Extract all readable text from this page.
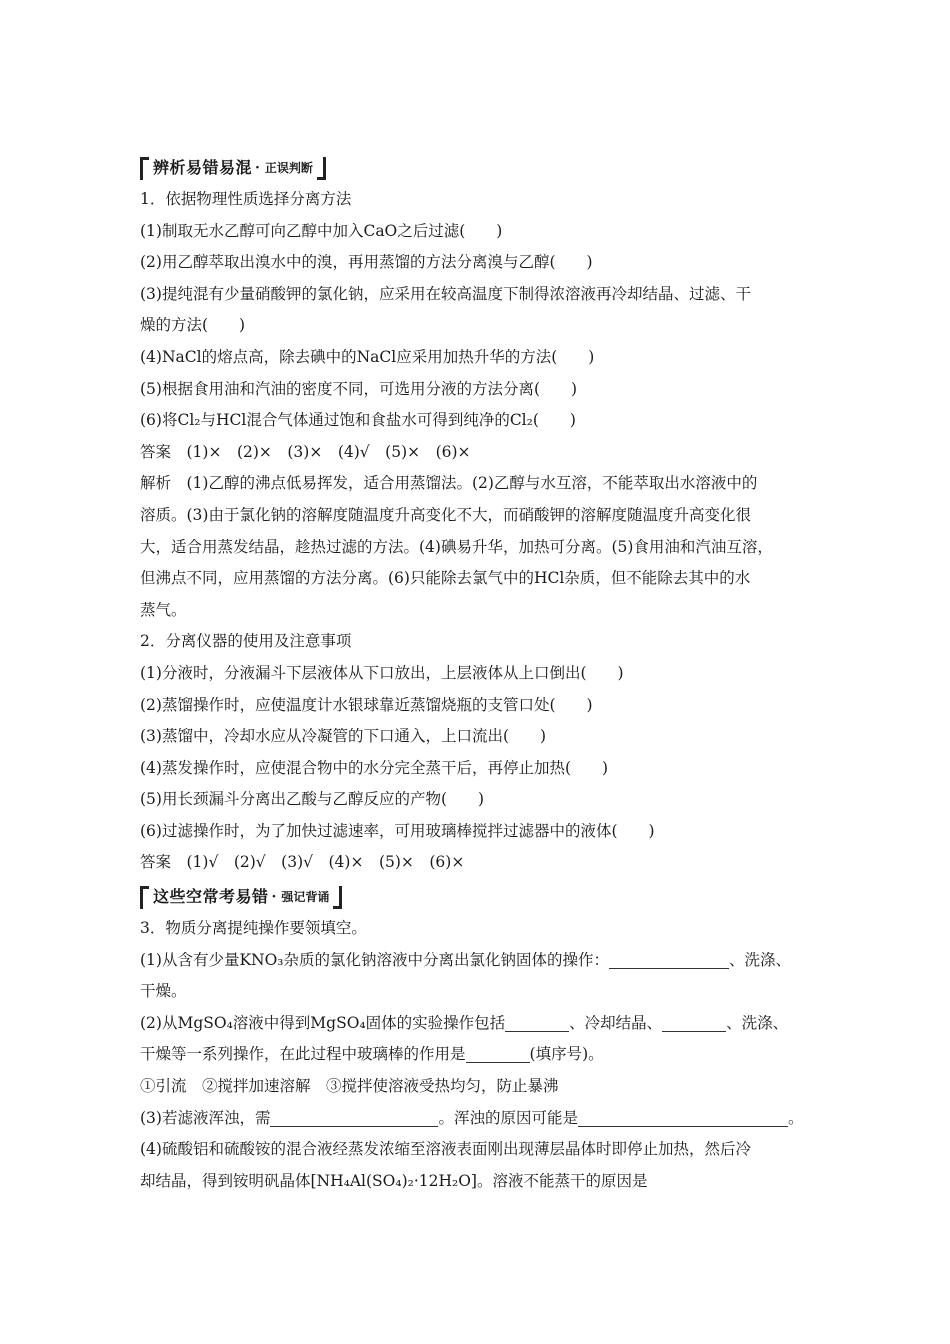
辨析易错易混 · 正误判断
1．依据物理性质选择分离方法
(1)制取无水乙醇可向乙醇中加入CaO之后过滤(　　)
(2)用乙醇萃取出溴水中的溴，再用蒸馏的方法分离溴与乙醇(　　)
(3)提纯混有少量硝酸钾的氯化钠，应采用在较高温度下制得浓溶液再冷却结晶、过滤、干
燥的方法(　　)
(4)NaCl的熔点高，除去碘中的NaCl应采用加热升华的方法(　　)
(5)根据食用油和汽油的密度不同，可选用分液的方法分离(　　)
(6)将Cl₂与HCl混合气体通过饱和食盐水可得到纯净的Cl₂(　　)
答案　(1)×　(2)×　(3)×　(4)√　(5)×　(6)×
解析　(1)乙醇的沸点低易挥发，适合用蒸馏法。(2)乙醇与水互溶，不能萃取出水溶液中的
溶质。(3)由于氯化钠的溶解度随温度升高变化不大，而硝酸钾的溶解度随温度升高变化很
大，适合用蒸发结晶，趁热过滤的方法。(4)碘易升华，加热可分离。(5)食用油和汽油互溶，
但沸点不同，应用蒸馏的方法分离。(6)只能除去氯气中的HCl杂质，但不能除去其中的水
蒸气。
2．分离仪器的使用及注意事项
(1)分液时，分液漏斗下层液体从下口放出，上层液体从上口倒出(　　)
(2)蒸馏操作时，应使温度计水银球靠近蒸馏烧瓶的支管口处(　　)
(3)蒸馏中，冷却水应从冷凝管的下口通入，上口流出(　　)
(4)蒸发操作时，应使混合物中的水分完全蒸干后，再停止加热(　　)
(5)用长颈漏斗分离出乙酸与乙醇反应的产物(　　)
(6)过滤操作时，为了加快过滤速率，可用玻璃棒搅拌过滤器中的液体(　　)
答案　(1)√　(2)√　(3)√　(4)×　(5)×　(6)×
这些空常考易错 · 强记背诵
3．物质分离提纯操作要领填空。
(1)从含有少量KNO₃杂质的氯化钠溶液中分离出氯化钠固体的操作：	、洗涤、
干燥。
(2)从MgSO₄溶液中得到MgSO₄固体的实验操作包括	、冷却结晶、	、洗涤、
干燥等一系列操作，在此过程中玻璃棒的作用是	(填序号)。
①引流　②搅拌加速溶解　③搅拌使溶液受热均匀，防止暴沸
(3)若滤液浑浊，需	。浑浊的原因可能是	。
(4)硫酸铝和硫酸铵的混合液经蒸发浓缩至溶液表面刚出现薄层晶体时即停止加热，然后冷
却结晶，得到铵明矾晶体[NH₄Al(SO₄)₂·12H₂O]。溶液不能蒸干的原因是
